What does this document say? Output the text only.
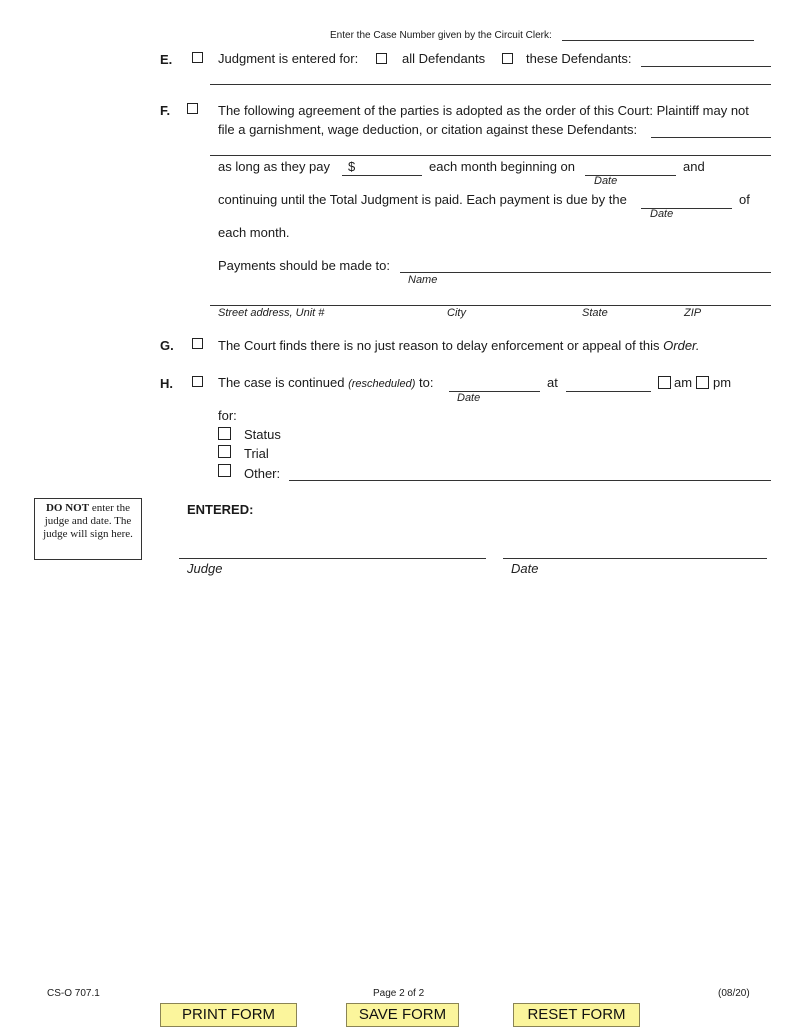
Enter the Case Number given by the Circuit Clerk:
E.	Judgment is entered for:	all Defendants	these Defendants:
F.	The following agreement of the parties is adopted as the order of this Court: Plaintiff may not
file a garnishment, wage deduction, or citation against these Defendants:
as long as they pay $	each month beginning on
Date
and
continuing until the Total Judgment is paid. Each payment is due by the
Date
of
each month.
Payments should be made to:
Name
Street address, Unit #	City	State	ZIP
G.	The Court finds there is no just reason to delay enforcement or appeal of this Order.
H.	The case is continued (rescheduled) to:
Date
at	am pm
for:
Status
Trial
Other:
DO NOT enter the judge and date. The judge will sign here.
ENTERED:
Judge	Date
CS-O 707.1	Page 2 of 2	(08/20)
PRINT FORM	SAVE FORM	RESET FORM
